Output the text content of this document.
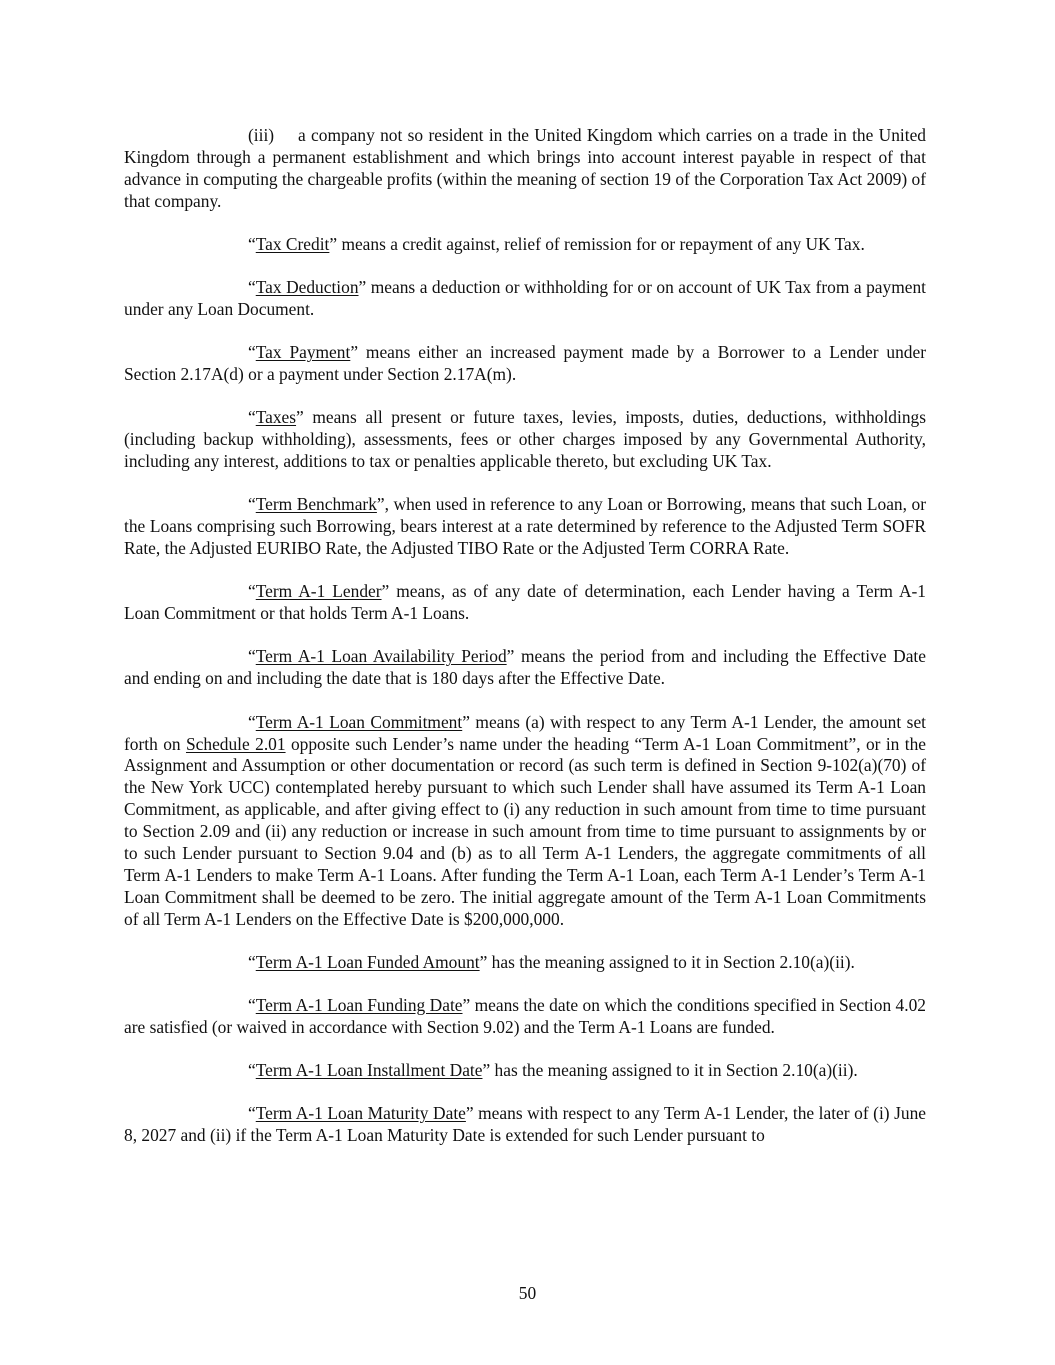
(iii) a company not so resident in the United Kingdom which carries on a trade in the United Kingdom through a permanent establishment and which brings into account interest payable in respect of that advance in computing the chargeable profits (within the meaning of section 19 of the Corporation Tax Act 2009) of that company.

“Tax Credit” means a credit against, relief of remission for or repayment of any UK Tax.

“Tax Deduction” means a deduction or withholding for or on account of UK Tax from a payment under any Loan Document.

“Tax Payment” means either an increased payment made by a Borrower to a Lender under Section 2.17A(d) or a payment under Section 2.17A(m).

“Taxes” means all present or future taxes, levies, imposts, duties, deductions, withholdings (including backup withholding), assessments, fees or other charges imposed by any Governmental Authority, including any interest, additions to tax or penalties applicable thereto, but excluding UK Tax.

“Term Benchmark”, when used in reference to any Loan or Borrowing, means that such Loan, or the Loans comprising such Borrowing, bears interest at a rate determined by reference to the Adjusted Term SOFR Rate, the Adjusted EURIBO Rate, the Adjusted TIBO Rate or the Adjusted Term CORRA Rate.

“Term A-1 Lender” means, as of any date of determination, each Lender having a Term A-1 Loan Commitment or that holds Term A-1 Loans.

“Term A-1 Loan Availability Period” means the period from and including the Effective Date and ending on and including the date that is 180 days after the Effective Date.

“Term A-1 Loan Commitment” means (a) with respect to any Term A-1 Lender, the amount set forth on Schedule 2.01 opposite such Lender’s name under the heading “Term A-1 Loan Commitment”, or in the Assignment and Assumption or other documentation or record (as such term is defined in Section 9-102(a)(70) of the New York UCC) contemplated hereby pursuant to which such Lender shall have assumed its Term A-1 Loan Commitment, as applicable, and after giving effect to (i) any reduction in such amount from time to time pursuant to Section 2.09 and (ii) any reduction or increase in such amount from time to time pursuant to assignments by or to such Lender pursuant to Section 9.04 and (b) as to all Term A-1 Lenders, the aggregate commitments of all Term A-1 Lenders to make Term A-1 Loans. After funding the Term A-1 Loan, each Term A-1 Lender’s Term A-1 Loan Commitment shall be deemed to be zero. The initial aggregate amount of the Term A-1 Loan Commitments of all Term A-1 Lenders on the Effective Date is $200,000,000.

“Term A-1 Loan Funded Amount” has the meaning assigned to it in Section 2.10(a)(ii).

“Term A-1 Loan Funding Date” means the date on which the conditions specified in Section 4.02 are satisfied (or waived in accordance with Section 9.02) and the Term A-1 Loans are funded.

“Term A-1 Loan Installment Date” has the meaning assigned to it in Section 2.10(a)(ii).

“Term A-1 Loan Maturity Date” means with respect to any Term A-1 Lender, the later of (i) June 8, 2027 and (ii) if the Term A-1 Loan Maturity Date is extended for such Lender pursuant to

50
